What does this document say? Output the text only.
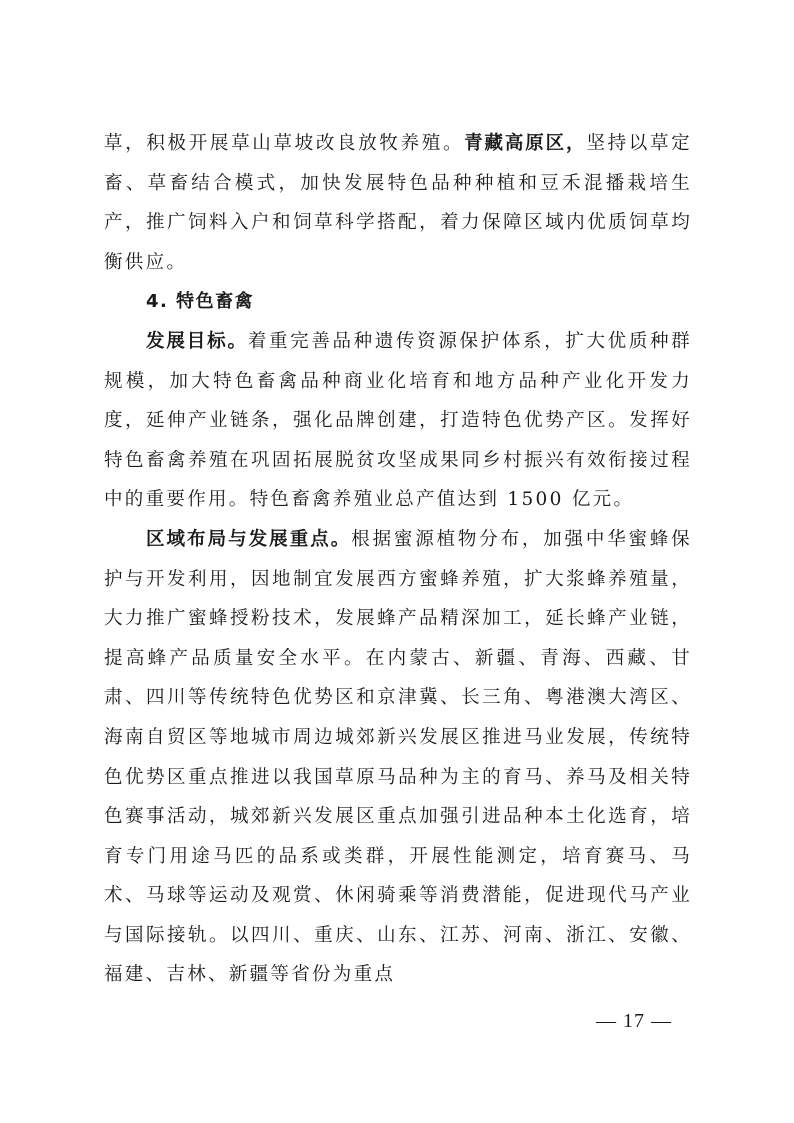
草，积极开展草山草坡改良放牧养殖。青藏高原区，坚持以草定畜、草畜结合模式，加快发展特色品种种植和豆禾混播栽培生产，推广饲料入户和饲草科学搭配，着力保障区域内优质饲草均衡供应。

4. 特色畜禽

发展目标。着重完善品种遗传资源保护体系，扩大优质种群规模，加大特色畜禽品种商业化培育和地方品种产业化开发力度，延伸产业链条，强化品牌创建，打造特色优势产区。发挥好特色畜禽养殖在巩固拓展脱贫攻坚成果同乡村振兴有效衔接过程中的重要作用。特色畜禽养殖业总产值达到 1500 亿元。

区域布局与发展重点。根据蜜源植物分布，加强中华蜜蜂保护与开发利用，因地制宜发展西方蜜蜂养殖，扩大浆蜂养殖量，大力推广蜜蜂授粉技术，发展蜂产品精深加工，延长蜂产业链，提高蜂产品质量安全水平。在内蒙古、新疆、青海、西藏、甘肃、四川等传统特色优势区和京津冀、长三角、粤港澳大湾区、海南自贸区等地城市周边城郊新兴发展区推进马业发展，传统特色优势区重点推进以我国草原马品种为主的育马、养马及相关特色赛事活动，城郊新兴发展区重点加强引进品种本土化选育，培育专门用途马匹的品系或类群，开展性能测定，培育赛马、马术、马球等运动及观赏、休闲骑乘等消费潜能，促进现代马产业与国际接轨。以四川、重庆、山东、江苏、河南、浙江、安徽、福建、吉林、新疆等省份为重点

— 17 —
